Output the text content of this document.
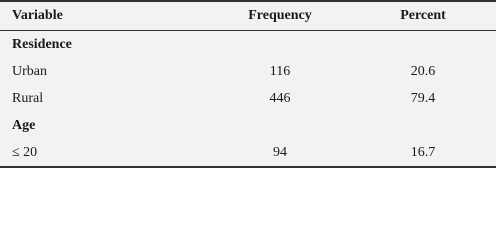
Variable	Frequency	Percent
Residence
Urban	116	20.6
Rural	446	79.4
Age
≤ 20	94	16.7
